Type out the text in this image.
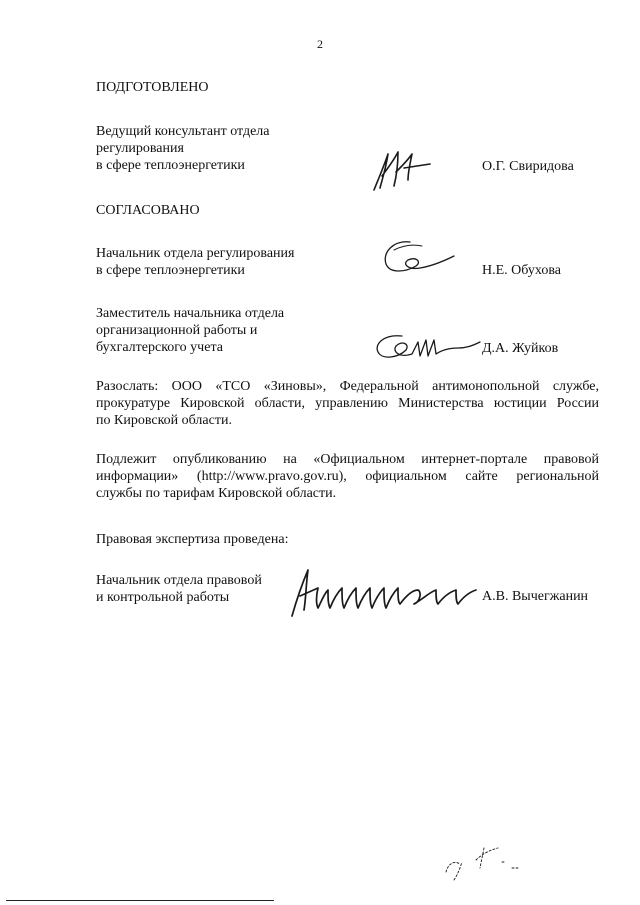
2
ПОДГОТОВЛЕНО
Ведущий консультант отдела
регулирования
в сфере теплоэнергетики	О.Г. Свиридова
СОГЛАСОВАНО
Начальник отдела регулирования
в сфере теплоэнергетики	Н.Е. Обухова
Заместитель начальника отдела
организационной работы и
бухгалтерского учета	Д.А. Жуйков
Разослать: ООО «ТСО «Зиновы», Федеральной антимонопольной службе,
прокуратуре Кировской области, управлению Министерства юстиции России
по Кировской области.
Подлежит опубликованию на «Официальном интернет-портале правовой
информации» (http://www.pravo.gov.ru), официальном сайте региональной
службы по тарифам Кировской области.
Правовая экспертиза проведена:
Начальник отдела правовой
и контрольной работы	А.В. Вычегжанин
